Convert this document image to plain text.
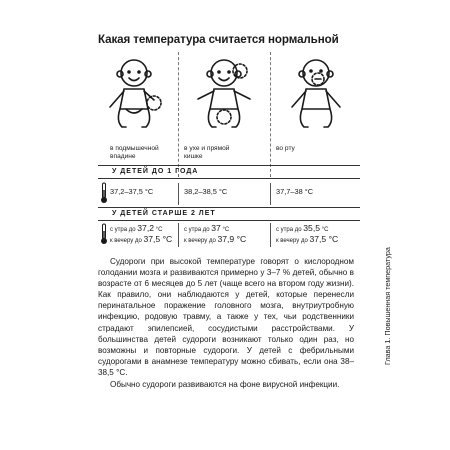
Какая температура считается нормальной
в подмышечной
впадине
в ухе и прямой
кишке
во рту
У ДЕТЕЙ ДО 1 ГОДА
37,2–37,5 °С	38,2–38,5 °С	37,7–38 °С
У ДЕТЕЙ СТАРШЕ 2 ЛЕТ
с утра до 37,2 °С
к вечеру до 37,5 °С
с утра до 37 °С
к вечеру до 37,9 °С
с утра до 35,5 °С
к вечеру до 37,5 °С

Судороги при высокой температуре говорят о кислородном голодании мозга и развиваются примерно у 3–7 % детей, обычно в возрасте от 6 месяцев до 5 лет (чаще всего на втором году жизни). Как правило, они наблюдаются у детей, которые перенесли перинатальное поражение головного мозга, внутриутробную инфекцию, родовую травму, а также у тех, чьи родственники страдают эпилепсией, сосудистыми расстройствами. У большинства детей судороги возникают только один раз, но возможны и повторные судороги. У детей с фебрильными судорогами в анамнезе температуру можно сбивать, если она 38–38,5 °С.

Обычно судороги развиваются на фоне вирусной инфекции.

Глава 1. Повышенная температура
